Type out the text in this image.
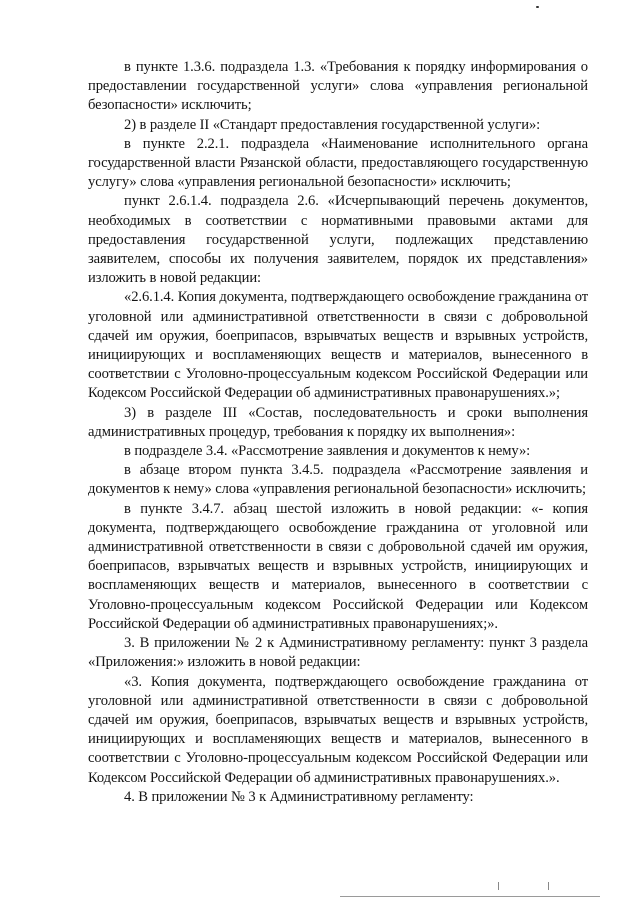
в пункте 1.3.6. подраздела 1.3. «Требования к порядку информирования о предоставлении государственной услуги» слова «управления региональной безопасности» исключить;

2) в разделе II «Стандарт предоставления государственной услуги»:

в пункте 2.2.1. подраздела «Наименование исполнительного органа государственной власти Рязанской области, предоставляющего государственную услугу» слова «управления региональной безопасности» исключить;

пункт 2.6.1.4. подраздела 2.6. «Исчерпывающий перечень документов, необходимых в соответствии с нормативными правовыми актами для предоставления государственной услуги, подлежащих представлению заявителем, способы их получения заявителем, порядок их представления» изложить в новой редакции:

«2.6.1.4. Копия документа, подтверждающего освобождение гражданина от уголовной или административной ответственности в связи с добровольной сдачей им оружия, боеприпасов, взрывчатых веществ и взрывных устройств, инициирующих и воспламеняющих веществ и материалов, вынесенного в соответствии с Уголовно-процессуальным кодексом Российской Федерации или Кодексом Российской Федерации об административных правонарушениях.»;

3) в разделе III «Состав, последовательность и сроки выполнения административных процедур, требования к порядку их выполнения»:

в подразделе 3.4. «Рассмотрение заявления и документов к нему»:

в абзаце втором пункта 3.4.5. подраздела «Рассмотрение заявления и документов к нему» слова «управления региональной безопасности» исключить;

в пункте 3.4.7. абзац шестой изложить в новой редакции: «- копия документа, подтверждающего освобождение гражданина от уголовной или административной ответственности в связи с добровольной сдачей им оружия, боеприпасов, взрывчатых веществ и взрывных устройств, инициирующих и воспламеняющих веществ и материалов, вынесенного в соответствии с Уголовно-процессуальным кодексом Российской Федерации или Кодексом Российской Федерации об административных правонарушениях;».

3. В приложении № 2 к Административному регламенту: пункт 3 раздела «Приложения:» изложить в новой редакции:

«3. Копия документа, подтверждающего освобождение гражданина от уголовной или административной ответственности в связи с добровольной сдачей им оружия, боеприпасов, взрывчатых веществ и взрывных устройств, инициирующих и воспламеняющих веществ и материалов, вынесенного в соответствии с Уголовно-процессуальным кодексом Российской Федерации или Кодексом Российской Федерации об административных правонарушениях.».

4. В приложении № 3 к Административному регламенту:
